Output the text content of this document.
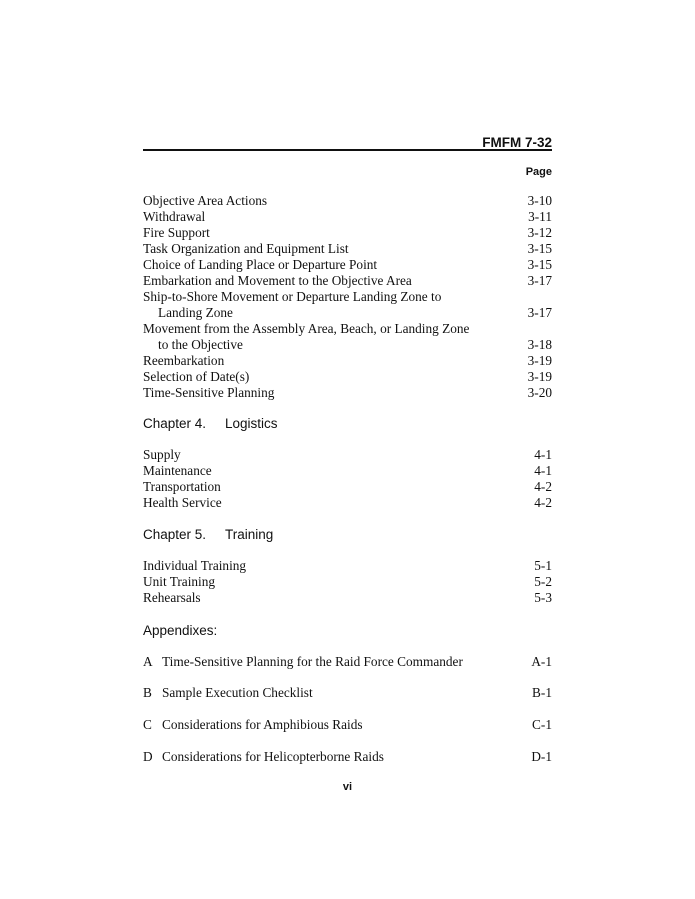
FMFM 7-32
Page
Objective Area Actions	3-10
Withdrawal	3-11
Fire Support	3-12
Task Organization and Equipment List	3-15
Choice of Landing Place or Departure Point	3-15
Embarkation and Movement to the Objective Area	3-17
Ship-to-Shore Movement or Departure Landing Zone to
Landing Zone	3-17
Movement from the Assembly Area, Beach, or Landing Zone
to the Objective	3-18
Reembarkation	3-19
Selection of Date(s)	3-19
Time-Sensitive Planning	3-20
Chapter 4. Logistics
Supply	4-1
Maintenance	4-1
Transportation	4-2
Health Service	4-2
Chapter 5. Training
Individual Training	5-1
Unit Training	5-2
Rehearsals	5-3
Appendixes:
A Time-Sensitive Planning for the Raid Force Commander	A-1
B Sample Execution Checklist	B-1
C Considerations for Amphibious Raids	C-1
D Considerations for Helicopterborne Raids	D-1
vi
